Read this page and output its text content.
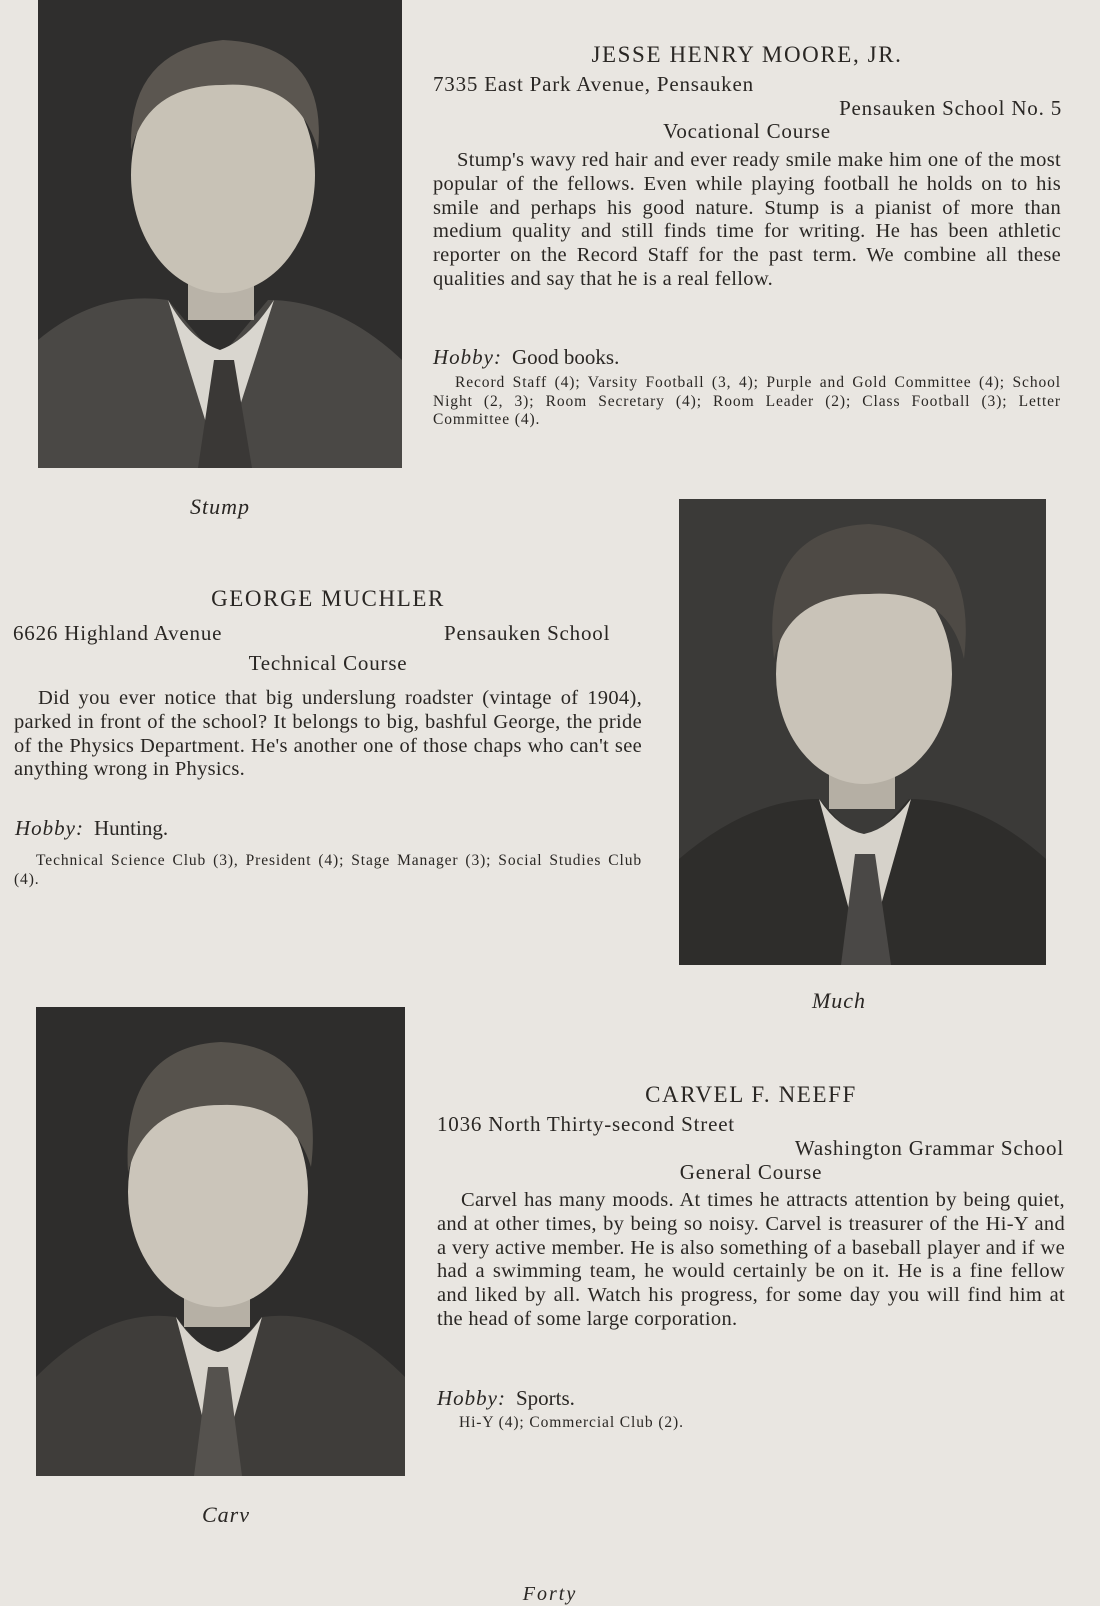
Stump
JESSE HENRY MOORE, JR.
7335 East Park Avenue, Pensauken
Pensauken School No. 5
Vocational Course
Stump's wavy red hair and ever ready smile make him one of the most popular of the fellows. Even while playing football he holds on to his smile and perhaps his good nature. Stump is a pianist of more than medium quality and still finds time for writing. He has been athletic reporter on the Record Staff for the past term. We combine all these qualities and say that he is a real fellow.
Hobby: Good books.
Record Staff (4); Varsity Football (3, 4); Purple and Gold Committee (4); School Night (2, 3); Room Secretary (4); Room Leader (2); Class Football (3); Letter Committee (4).
GEORGE MUCHLER
6626 Highland Avenue	Pensauken School
Technical Course
Did you ever notice that big underslung roadster (vintage of 1904), parked in front of the school? It belongs to big, bashful George, the pride of the Physics Department. He's another one of those chaps who can't see anything wrong in Physics.
Hobby: Hunting.
Technical Science Club (3), President (4); Stage Manager (3); Social Studies Club (4).
Much
Carv
CARVEL F. NEEFF
1036 North Thirty-second Street
Washington Grammar School
General Course
Carvel has many moods. At times he attracts attention by being quiet, and at other times, by being so noisy. Carvel is treasurer of the Hi-Y and a very active member. He is also something of a baseball player and if we had a swimming team, he would certainly be on it. He is a fine fellow and liked by all. Watch his progress, for some day you will find him at the head of some large corporation.
Hobby: Sports.
Hi-Y (4); Commercial Club (2).
Forty
